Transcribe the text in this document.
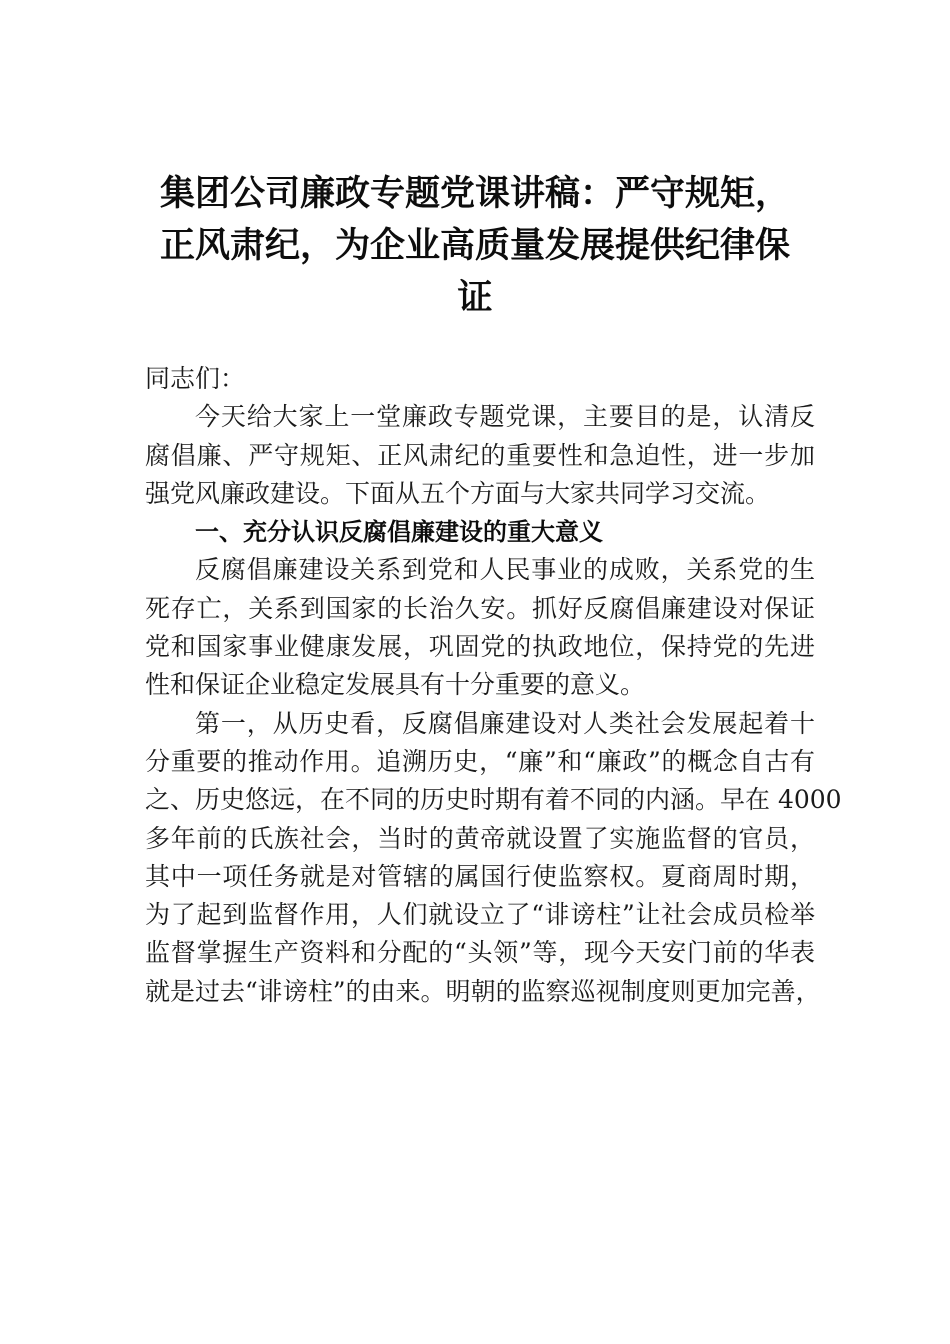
集团公司廉政专题党课讲稿：严守规矩，
正风肃纪，为企业高质量发展提供纪律保
证
同志们：
今天给大家上一堂廉政专题党课，主要目的是，认清反
腐倡廉、严守规矩、正风肃纪的重要性和急迫性，进一步加
强党风廉政建设。下面从五个方面与大家共同学习交流。
一、充分认识反腐倡廉建设的重大意义
反腐倡廉建设关系到党和人民事业的成败，关系党的生
死存亡，关系到国家的长治久安。抓好反腐倡廉建设对保证
党和国家事业健康发展，巩固党的执政地位，保持党的先进
性和保证企业稳定发展具有十分重要的意义。
第一，从历史看，反腐倡廉建设对人类社会发展起着十
分重要的推动作用。追溯历史，“廉”和“廉政”的概念自古有
之、历史悠远，在不同的历史时期有着不同的内涵。早在 4000
多年前的氏族社会，当时的黄帝就设置了实施监督的官员，
其中一项任务就是对管辖的属国行使监察权。夏商周时期，
为了起到监督作用，人们就设立了“诽谤柱”让社会成员检举
监督掌握生产资料和分配的“头领”等，现今天安门前的华表
就是过去“诽谤柱”的由来。明朝的监察巡视制度则更加完善，
